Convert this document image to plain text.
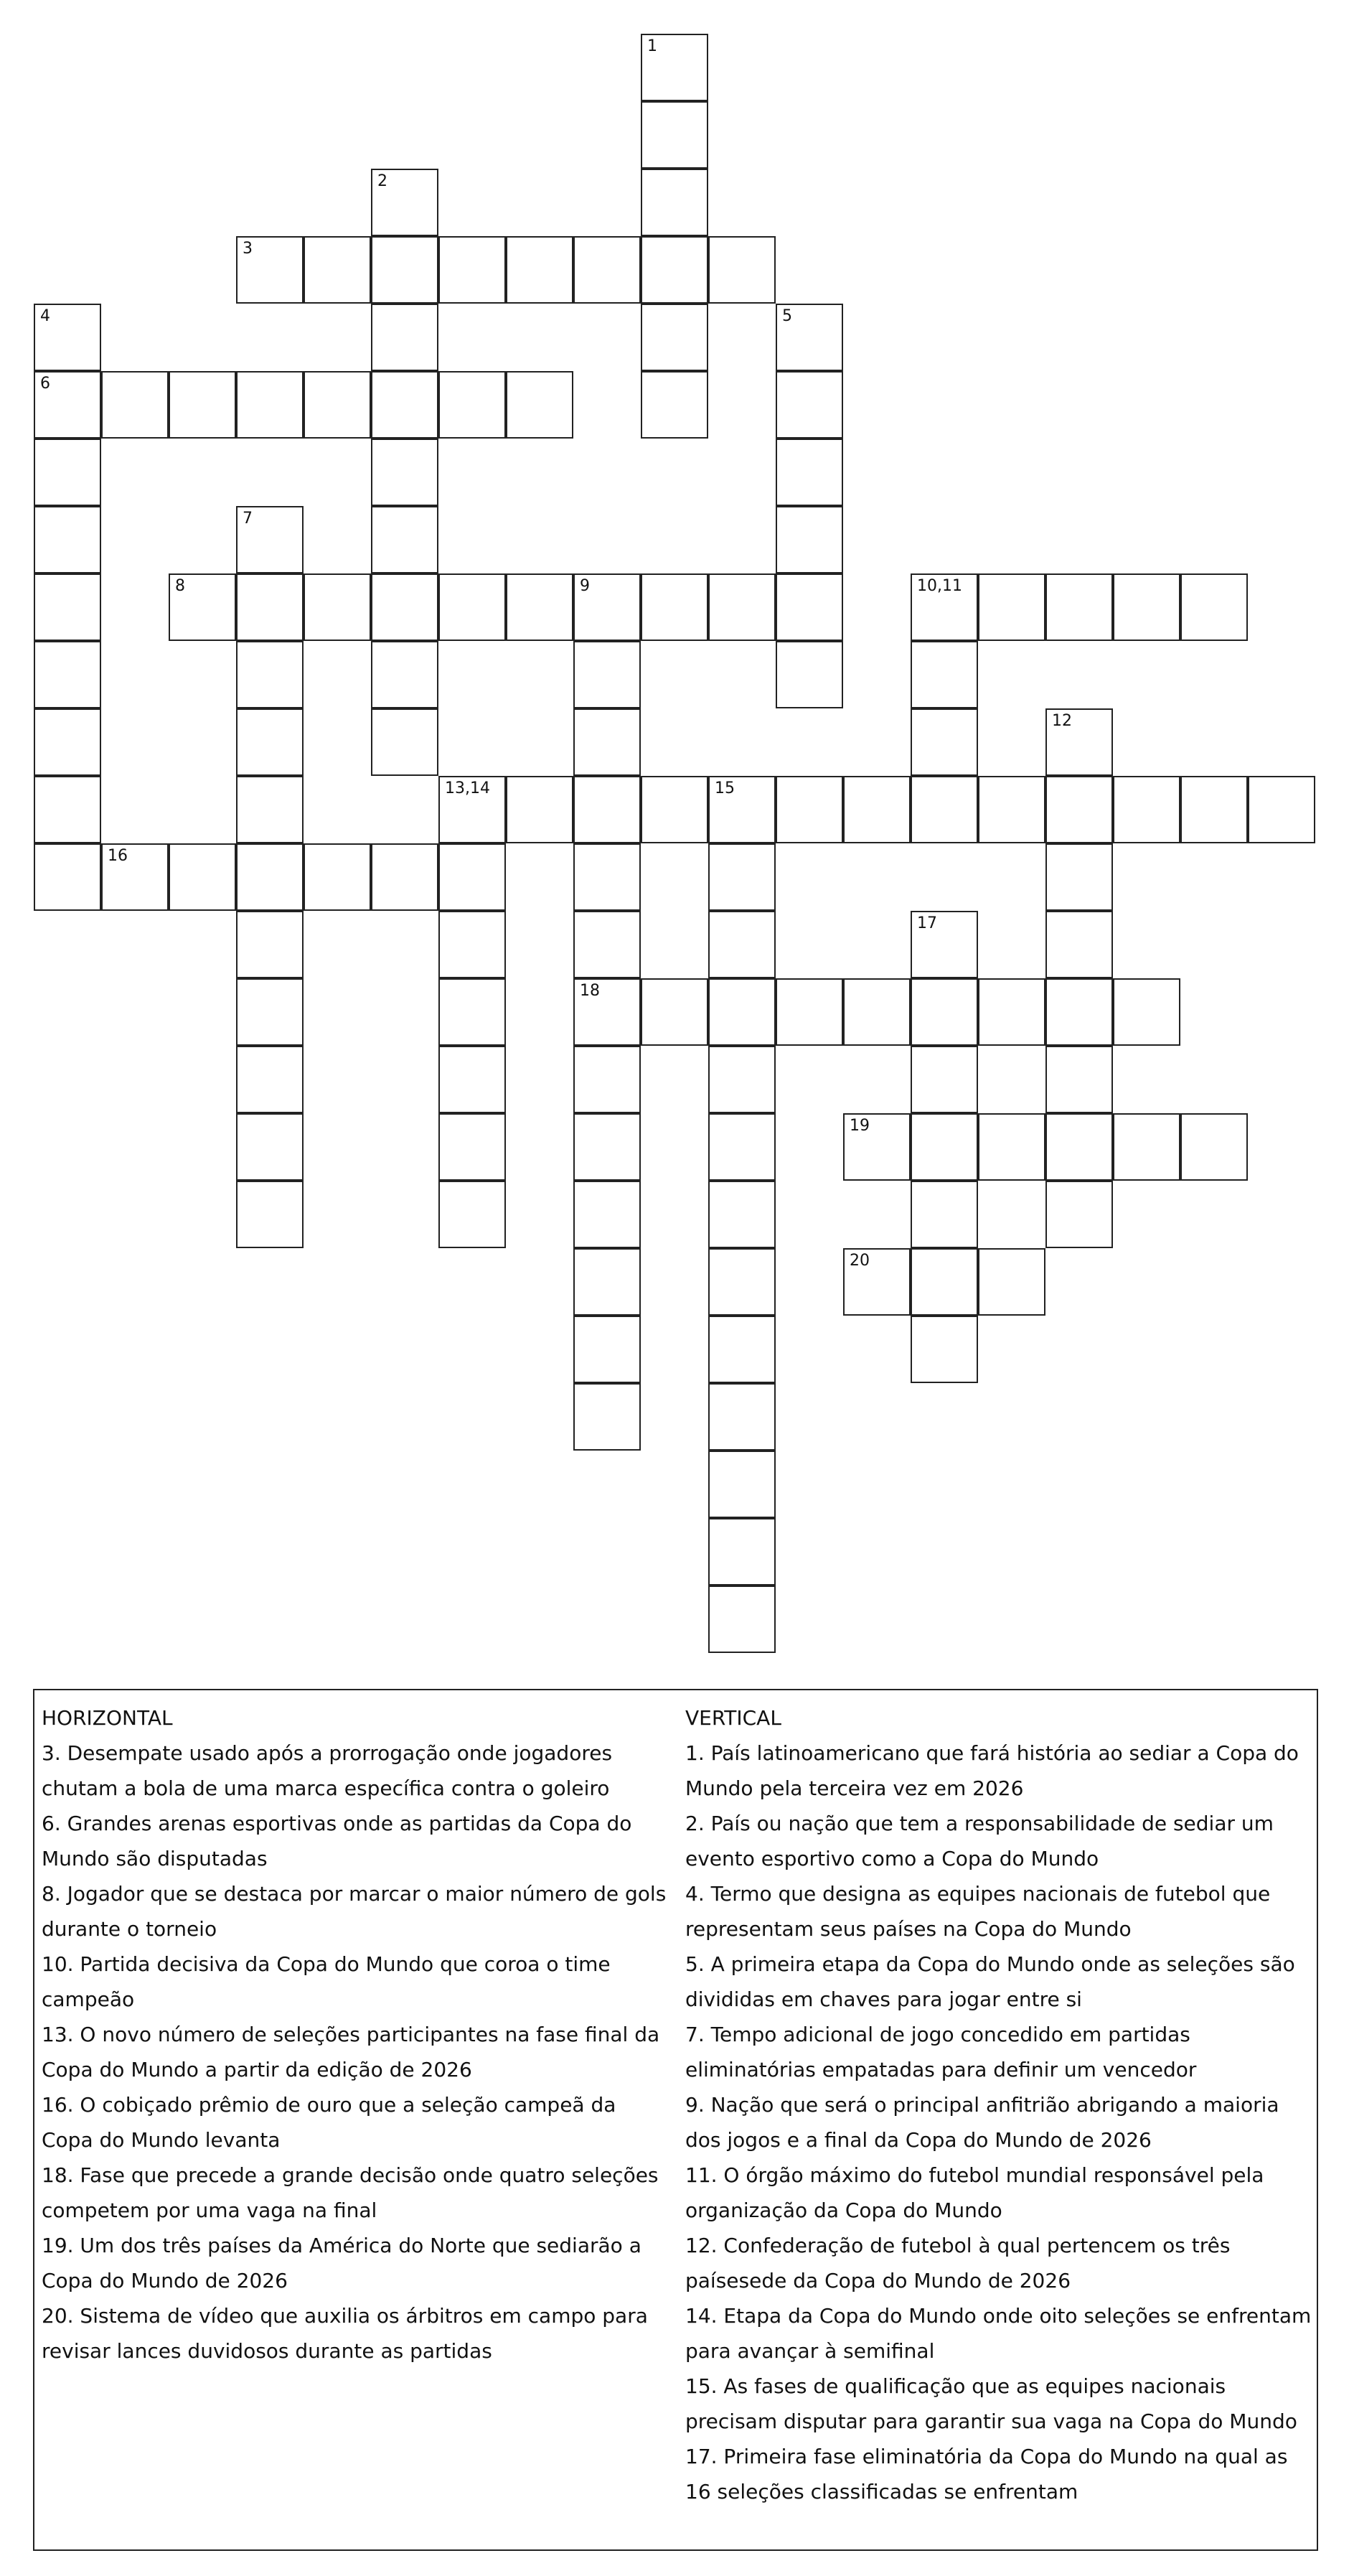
1
2
3
4
6
5
7
8	9
18
10,11
12
13,14	15
16
17
19
20
HORIZONTAL
3. Desempate usado após a prorrogação onde jogadores chutam a bola de uma marca específica contra o goleiro
6. Grandes arenas esportivas onde as partidas da Copa do Mundo são disputadas
8. Jogador que se destaca por marcar o maior número de gols durante o torneio
10. Partida decisiva da Copa do Mundo que coroa o time campeão
13. O novo número de seleções participantes na fase final da Copa do Mundo a partir da edição de 2026
16. O cobiçado prêmio de ouro que a seleção campeã da Copa do Mundo levanta
18. Fase que precede a grande decisão onde quatro seleções competem por uma vaga na final
19. Um dos três países da América do Norte que sediarão a Copa do Mundo de 2026
20. Sistema de vídeo que auxilia os árbitros em campo para revisar lances duvidosos durante as partidas
VERTICAL
1. País latinoamericano que fará história ao sediar a Copa do Mundo pela terceira vez em 2026
2. País ou nação que tem a responsabilidade de sediar um evento esportivo como a Copa do Mundo
4. Termo que designa as equipes nacionais de futebol que representam seus países na Copa do Mundo
5. A primeira etapa da Copa do Mundo onde as seleções são divididas em chaves para jogar entre si
7. Tempo adicional de jogo concedido em partidas eliminatórias empatadas para definir um vencedor
9. Nação que será o principal anfitrião abrigando a maioria dos jogos e a final da Copa do Mundo de 2026
11. O órgão máximo do futebol mundial responsável pela organização da Copa do Mundo
12. Confederação de futebol à qual pertencem os três paísesede da Copa do Mundo de 2026
14. Etapa da Copa do Mundo onde oito seleções se enfrentam para avançar à semifinal
15. As fases de qualificação que as equipes nacionais precisam disputar para garantir sua vaga na Copa do Mundo
17. Primeira fase eliminatória da Copa do Mundo na qual as 16 seleções classificadas se enfrentam
